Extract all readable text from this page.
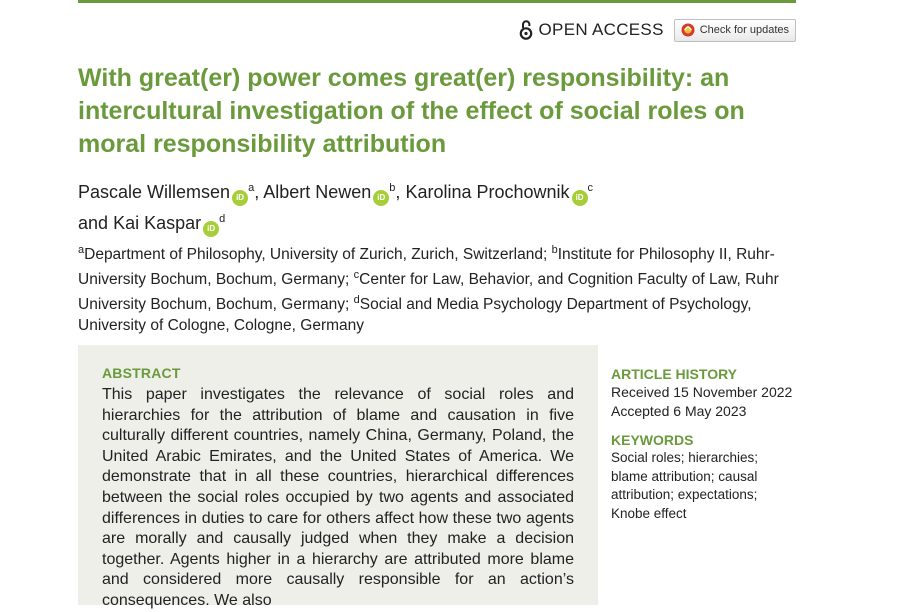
OPEN ACCESS	Check for updates
With great(er) power comes great(er) responsibility: an intercultural investigation of the effect of social roles on moral responsibility attribution
Pascale Willemsen $iD^a$, Albert Newen $iD^b$, Karolina Prochownik $iD^c$
and Kai Kaspar $iD^d$
$^a$Department of Philosophy, University of Zurich, Zurich, Switzerland; $^b$Institute for Philosophy II, Ruhr-University Bochum, Bochum, Germany; $^c$Center for Law, Behavior, and Cognition Faculty of Law, Ruhr University Bochum, Bochum, Germany; $^d$Social and Media Psychology Department of Psychology, University of Cologne, Cologne, Germany
ABSTRACT
This paper investigates the relevance of social roles and hierarchies for the attribution of blame and causation in five culturally different countries, namely China, Germany, Poland, the United Arabic Emirates, and the United States of America. We demonstrate that in all these countries, hierarchical differences between the social roles occupied by two agents and associated differences in duties to care for others affect how these two agents are morally and causally judged when they make a decision together. Agents higher in a hierarchy are attributed more blame and considered more causally responsible for an action’s consequences. We also
ARTICLE HISTORY
Received 15 November 2022
Accepted 6 May 2023
KEYWORDS
Social roles; hierarchies; blame attribution; causal attribution; expectations; Knobe effect
